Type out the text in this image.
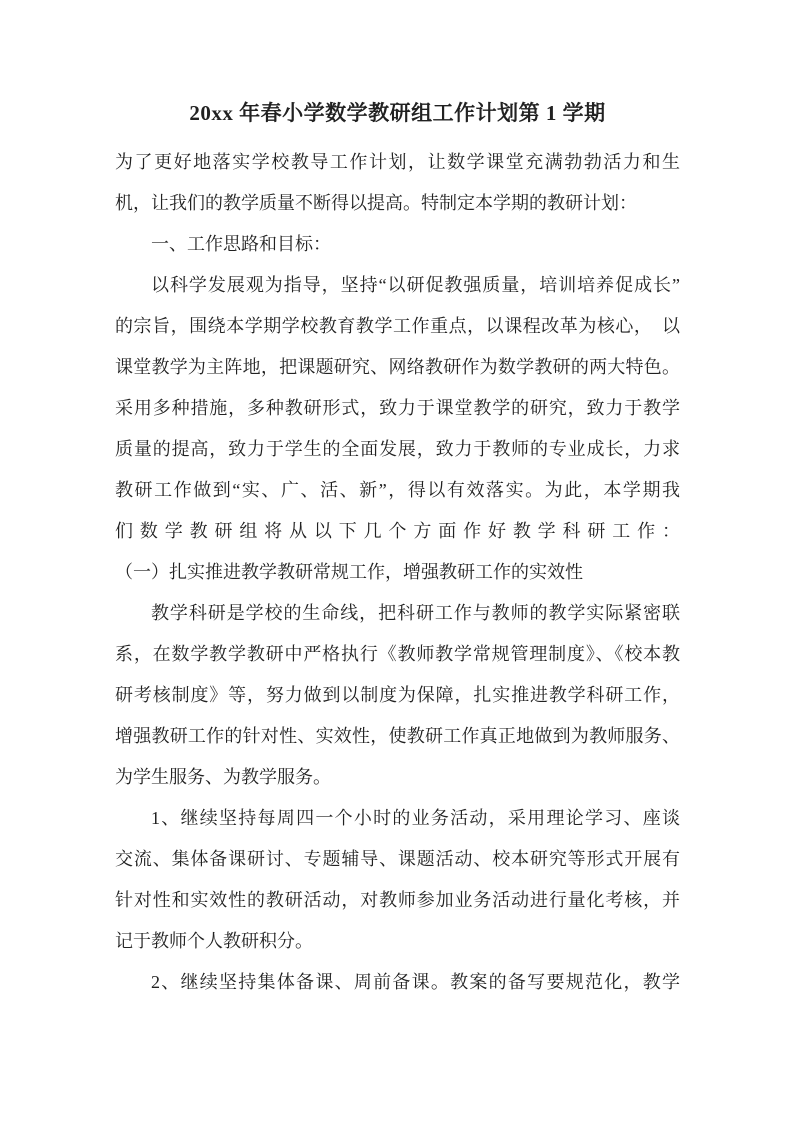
20xx 年春小学数学教研组工作计划第 1 学期
为了更好地落实学校教导工作计划，让数学课堂充满勃勃活力和生
机，让我们的教学质量不断得以提高。特制定本学期的教研计划：
一、工作思路和目标：
以科学发展观为指导，坚持“以研促教强质量，培训培养促成长”
的宗旨，围绕本学期学校教育教学工作重点，以课程改革为核心，　以
课堂教学为主阵地，把课题研究、网络教研作为数学教研的两大特色。
采用多种措施，多种教研形式，致力于课堂教学的研究，致力于教学
质量的提高，致力于学生的全面发展，致力于教师的专业成长，力求
教研工作做到“实、广、活、新”，得以有效落实。为此，本学期我
们数学教研组将从以下几个方面作好教学科研工作：
（一）扎实推进教学教研常规工作，增强教研工作的实效性
教学科研是学校的生命线，把科研工作与教师的教学实际紧密联
系，在数学教学教研中严格执行《教师教学常规管理制度》、《校本教
研考核制度》等，努力做到以制度为保障，扎实推进教学科研工作，
增强教研工作的针对性、实效性，使教研工作真正地做到为教师服务、
为学生服务、为教学服务。
1、继续坚持每周四一个小时的业务活动，采用理论学习、座谈
交流、集体备课研讨、专题辅导、课题活动、校本研究等形式开展有
针对性和实效性的教研活动，对教师参加业务活动进行量化考核，并
记于教师个人教研积分。
2、继续坚持集体备课、周前备课。教案的备写要规范化，教学
